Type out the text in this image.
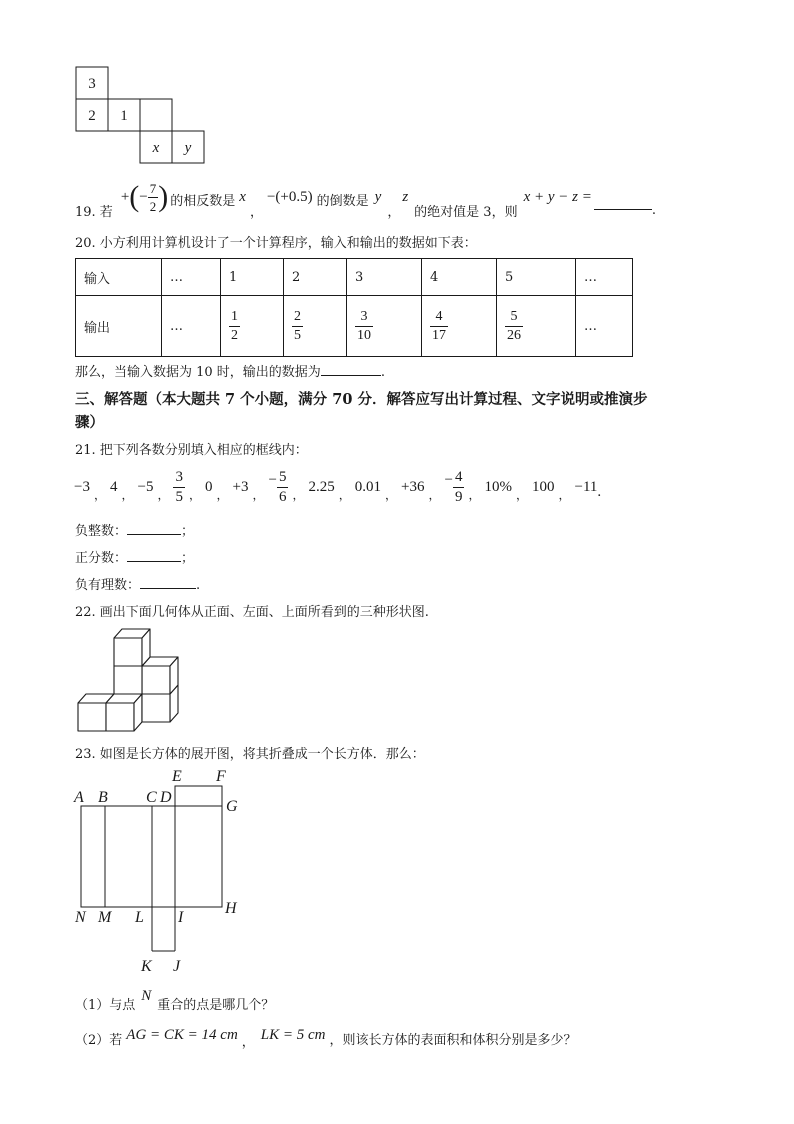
3
2 1
x y
19. 若
+ ( − $\frac{7}{2}$ ) 的相反数是 x
，
−(+0.5) 的倒数是 y
，
z
的绝对值是 3，则
x + y − z =
.
20. 小方利用计算机设计了一个计算程序，输入和输出的数据如下表：
输入	…	1	2	3	4	5	…
输出	…	$\frac{1}{2}$	$\frac{2}{5}$	$\frac{3}{10}$	$\frac{4}{17}$	$\frac{5}{26}$	…
那么，当输入数据为 10 时，输出的数据为	.
三、解答题（本大题共 7 个小题，满分 70 分．解答应写出计算过程、文字说明或推演步
骤）
21. 把下列各数分别填入相应的框线内：
−3 ， 4 ， −5 ， $\frac{3}{5}$ ， 0 ， +3 ，
− $\frac{5}{6}$ ， 2.25 ， 0.01 ， +36 ，
− $\frac{4}{9}$ ， 10% ， 100 ， −11 .
负整数：	；
正分数：	；
负有理数：	.
22. 画出下面几何体从正面、左面、上面所看到的三种形状图.
23. 如图是长方体的展开图，将其折叠成一个长方体．那么：
E F
A B C D
G
H
N M L I
K J
（1）与点
N
重合的点是哪几个？
（2）若 AG = CK = 14 cm ， LK = 5 cm ，则该长方体的表面积和体积分别是多少？
